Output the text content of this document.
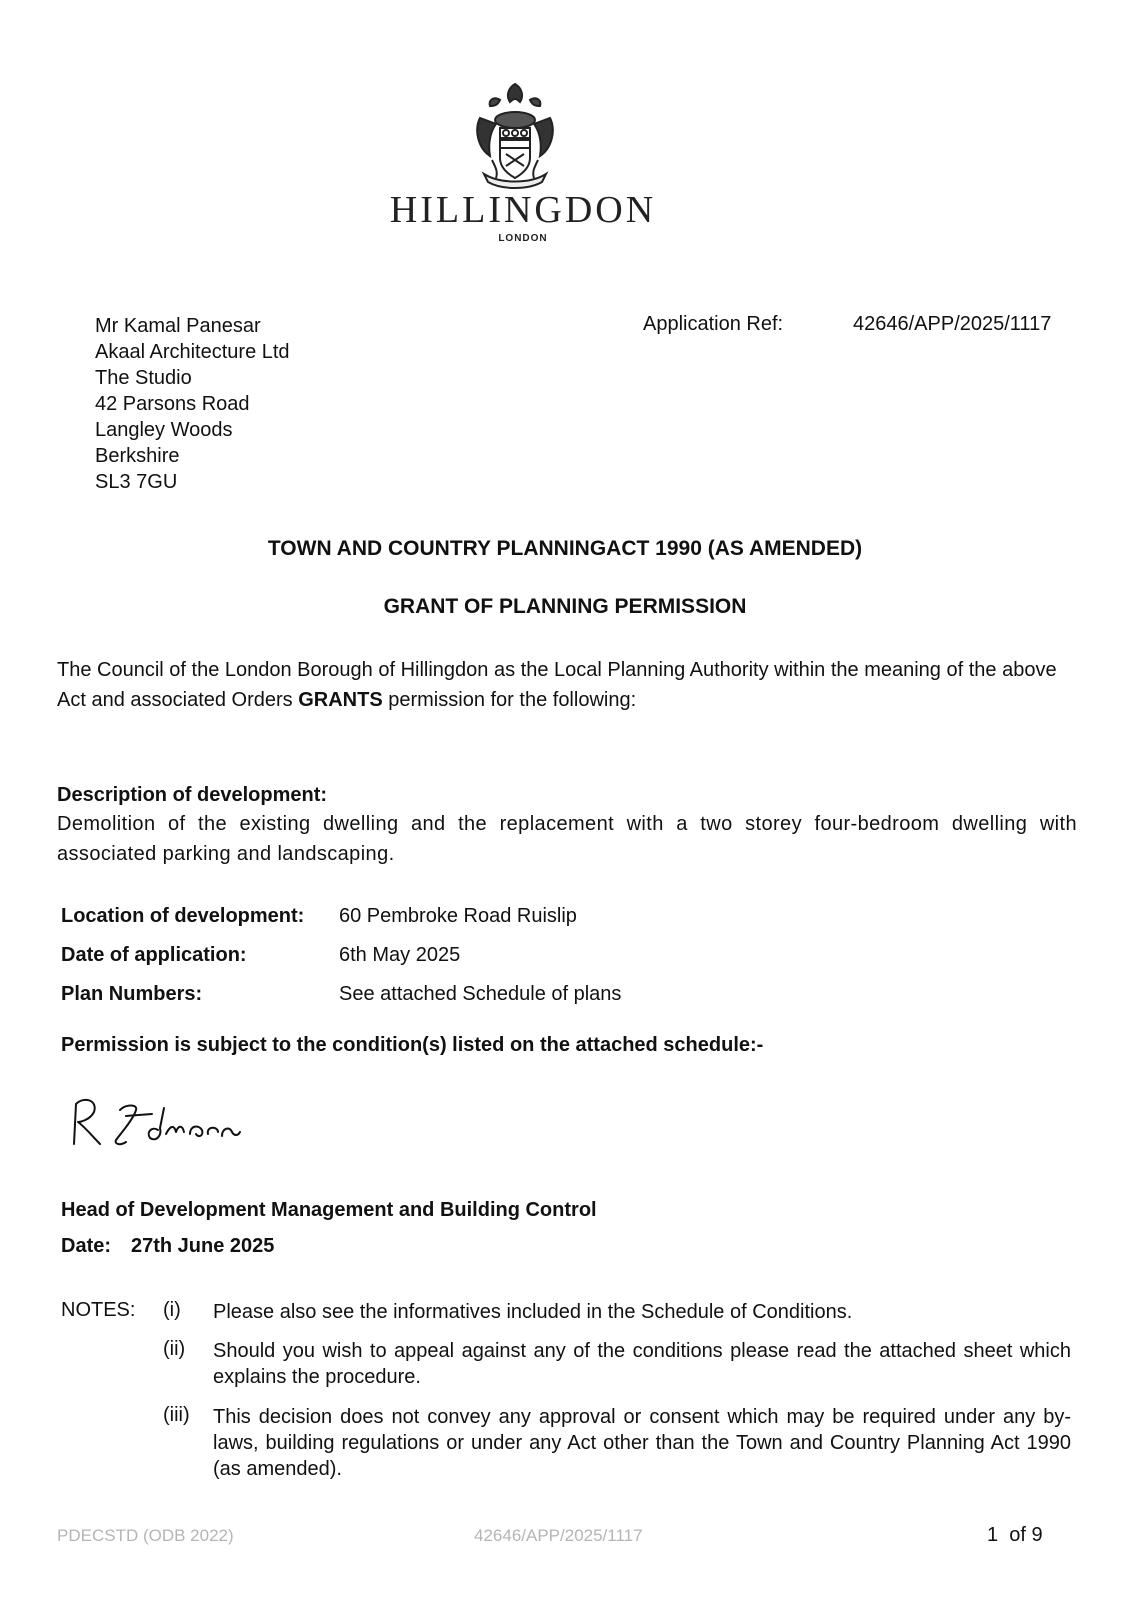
HILLINGDON
LONDON
Mr Kamal Panesar
Akaal Architecture Ltd
The Studio
42 Parsons Road
Langley Woods
Berkshire
SL3 7GU
Application Ref:	42646/APP/2025/1117
TOWN AND COUNTRY PLANNINGACT 1990 (AS AMENDED)
GRANT OF PLANNING PERMISSION
The Council of the London Borough of Hillingdon as the Local Planning Authority within the meaning of the above Act and associated Orders GRANTS permission for the following:
Description of development:
Demolition of the existing dwelling and the replacement with a two storey four-bedroom dwelling with associated parking and landscaping.
Location of development: 60 Pembroke Road Ruislip
Date of application:	6th May 2025
Plan Numbers:	See attached Schedule of plans
Permission is subject to the condition(s) listed on the attached schedule:-
Head of Development Management and Building Control
Date: 27th June 2025
NOTES: (i) Please also see the informatives included in the Schedule of Conditions.
(ii) Should you wish to appeal against any of the conditions please read the attached sheet which explains the procedure.
(iii) This decision does not convey any approval or consent which may be required under any by-laws, building regulations or under any Act other than the Town and Country Planning Act 1990 (as amended).
PDECSTD (ODB 2022)	42646/APP/2025/1117	1  of 9
